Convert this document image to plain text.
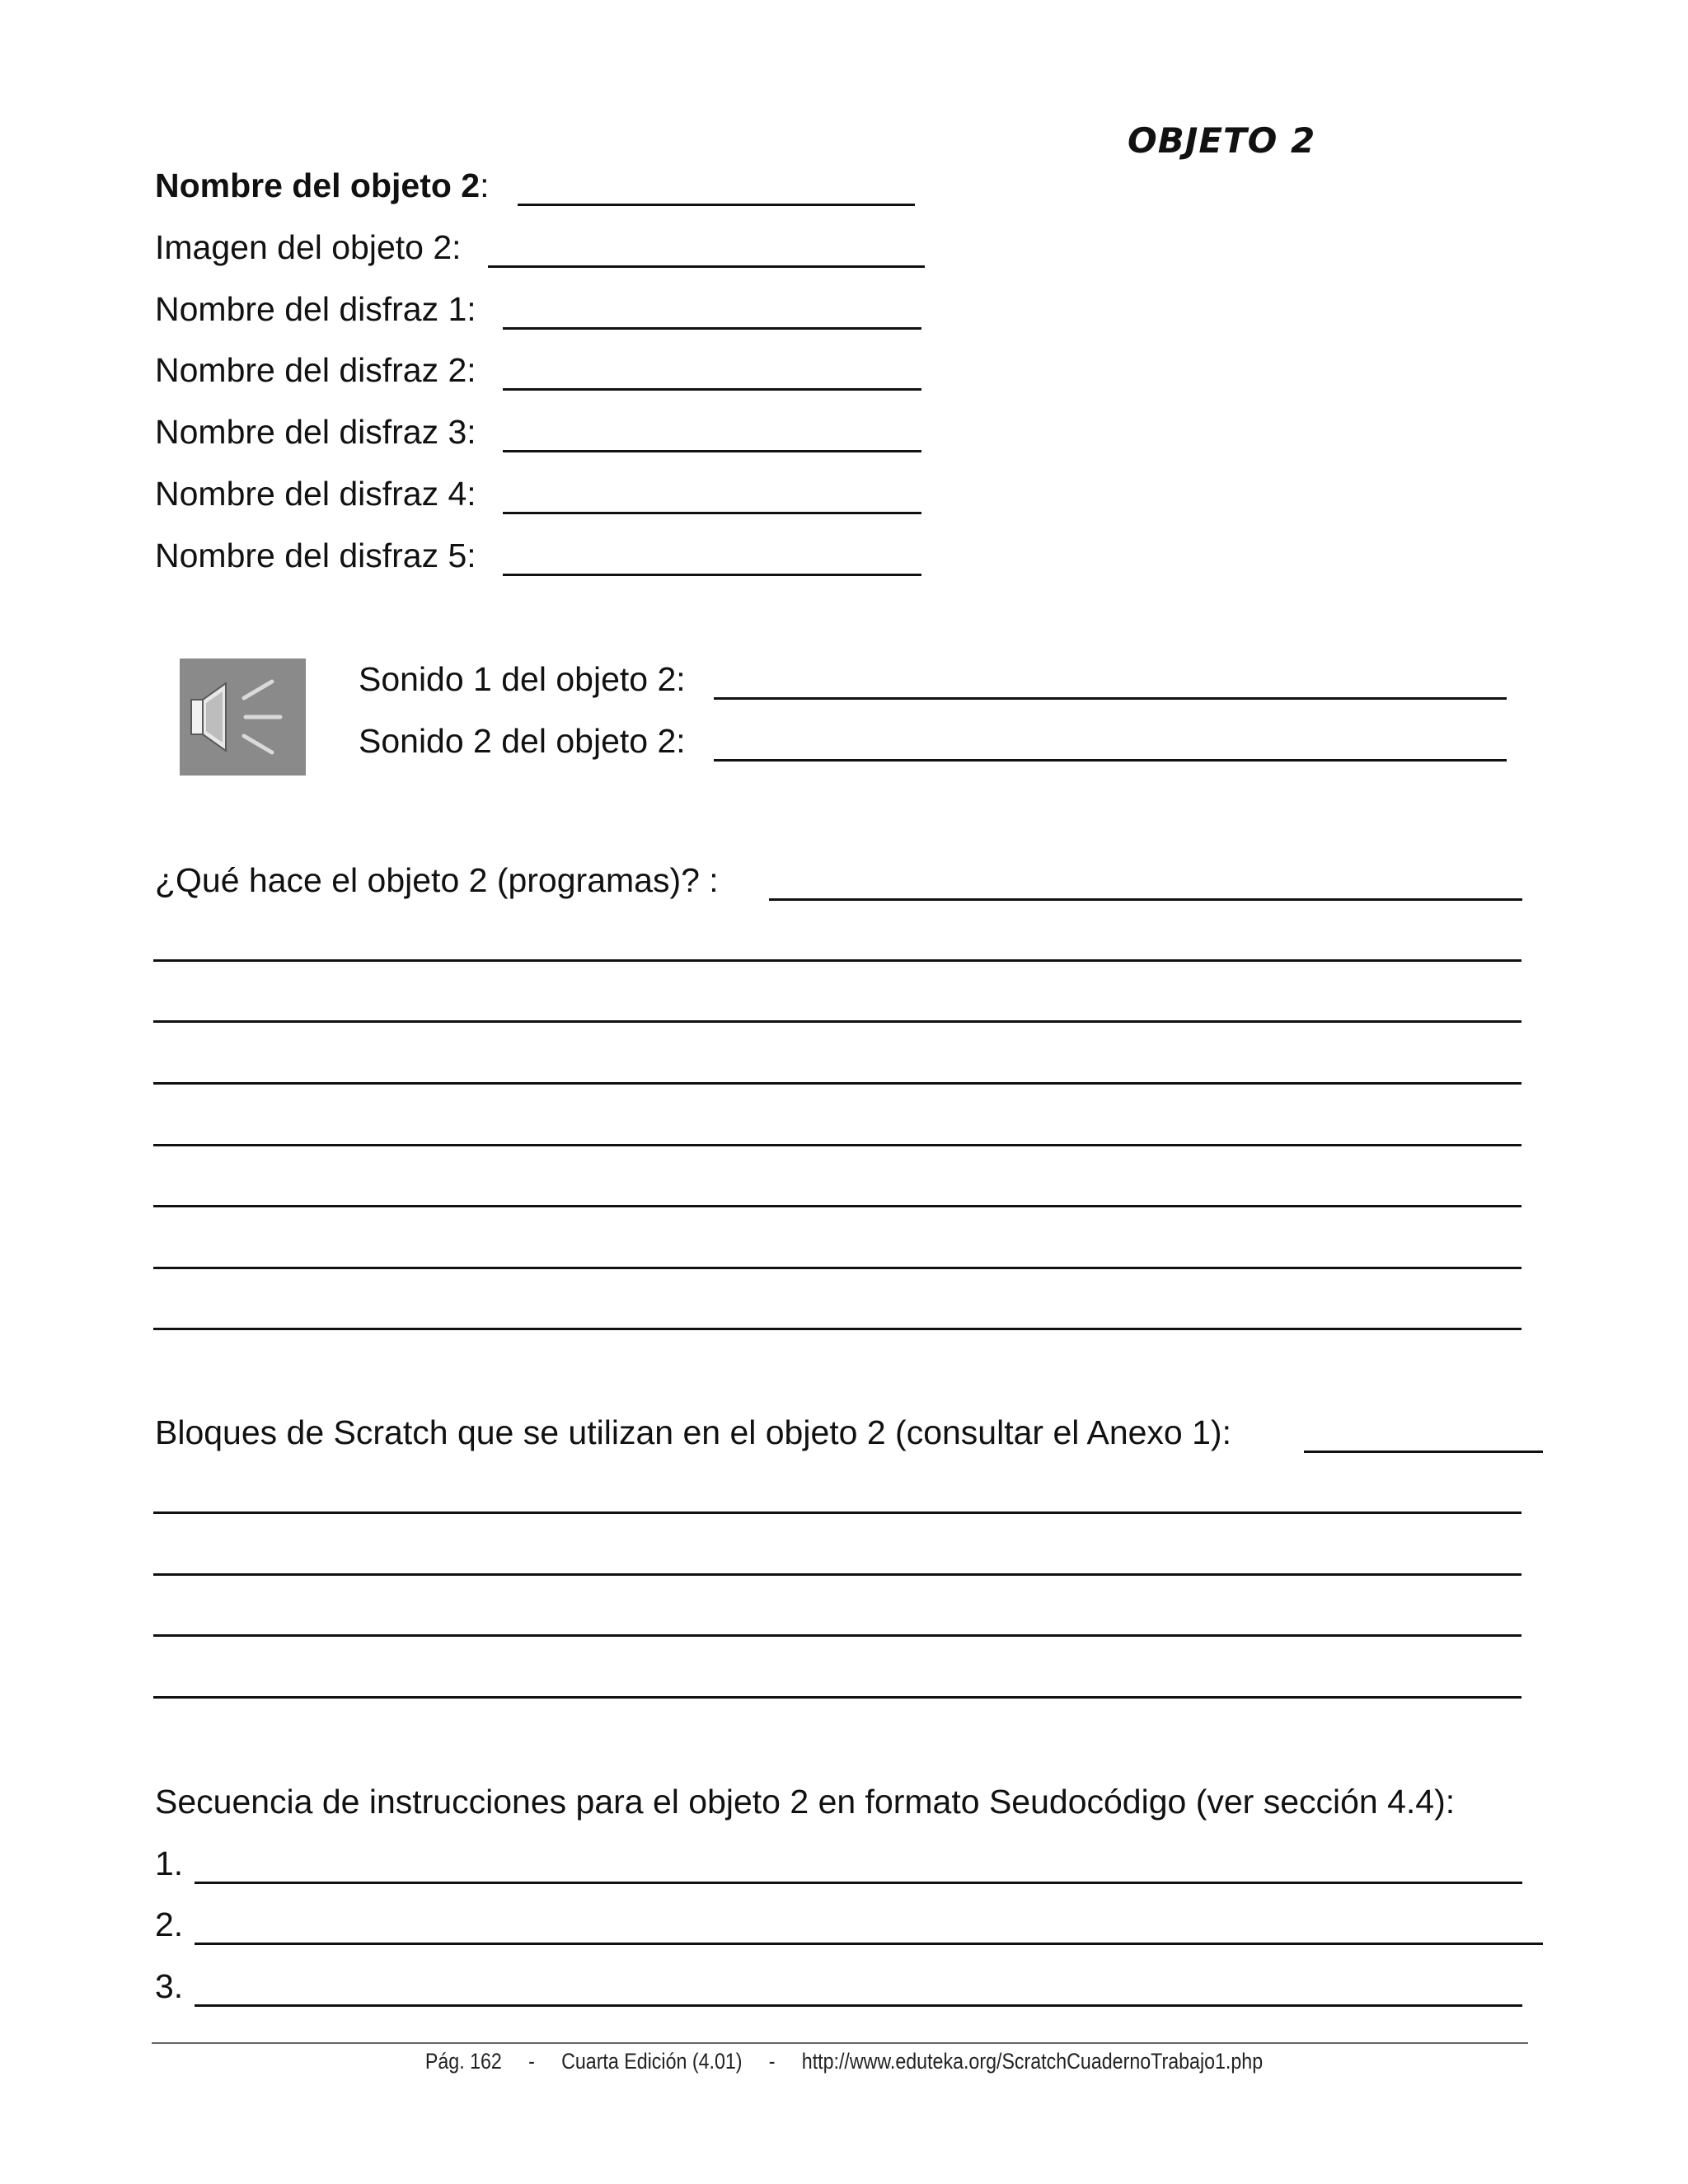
OBJETO 2
Nombre del objeto 2:
Imagen del objeto 2:
Nombre del disfraz 1:
Nombre del disfraz 2:
Nombre del disfraz 3:
Nombre del disfraz 4:
Nombre del disfraz 5:
Sonido 1 del objeto 2:
Sonido 2 del objeto 2:
¿Qué hace el objeto 2 (programas)? :
Bloques de Scratch que se utilizan en el objeto 2 (consultar el Anexo 1):
Secuencia de instrucciones para el objeto 2 en formato Seudocódigo (ver sección 4.4):
1.
2.
3.
Pág. 162 - Cuarta Edición (4.01) - http://www.eduteka.org/ScratchCuadernoTrabajo1.php
